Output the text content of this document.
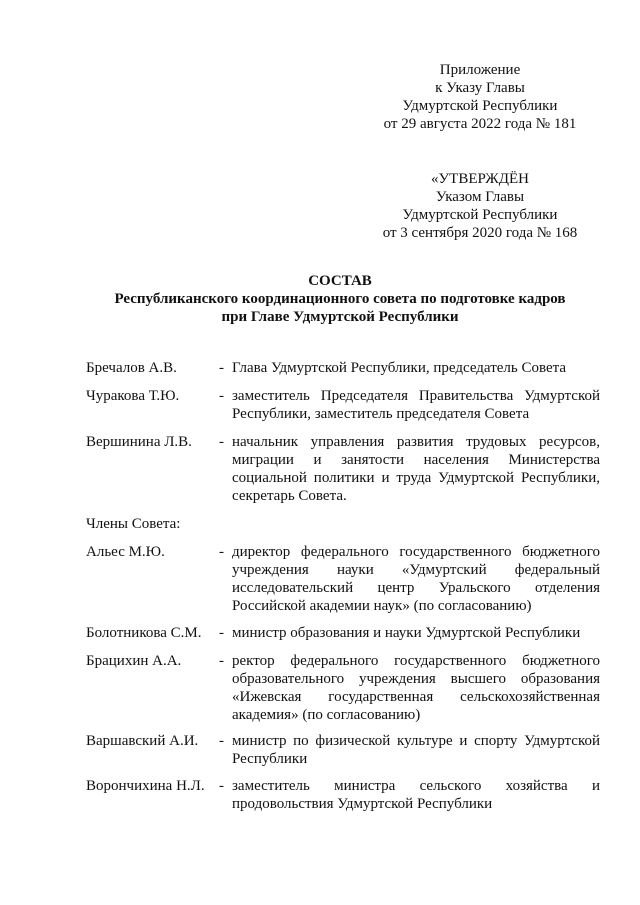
Приложение
к Указу Главы
Удмуртской Республики
от 29 августа 2022 года № 181
«УТВЕРЖДЁН
Указом Главы
Удмуртской Республики
от 3 сентября 2020 года № 168
СОСТАВ
Республиканского координационного совета по подготовке кадров
при Главе Удмуртской Республики
Бречалов А.В.	- Глава Удмуртской Республики, председатель Совета
Чуракова Т.Ю.	- заместитель Председателя Правительства Удмуртской Республики, заместитель председателя Совета
Вершинина Л.В. - начальник управления развития трудовых ресурсов, миграции и занятости населения Министерства социальной политики и труда Удмуртской Республики, секретарь Совета.
Члены Совета:
Альес М.Ю.	- директор федерального государственного бюджетного учреждения науки «Удмуртский федеральный исследовательский центр Уральского отделения Российской академии наук» (по согласованию)
Болотникова С.М. - министр образования и науки Удмуртской Республики
Брацихин А.А.	- ректор федерального государственного бюджетного образовательного учреждения высшего образования «Ижевская государственная сельскохозяйственная академия» (по согласованию)
Варшавский А.И. - министр по физической культуре и спорту Удмуртской Республики
Ворончихина Н.Л. - заместитель министра сельского хозяйства и продовольствия Удмуртской Республики
